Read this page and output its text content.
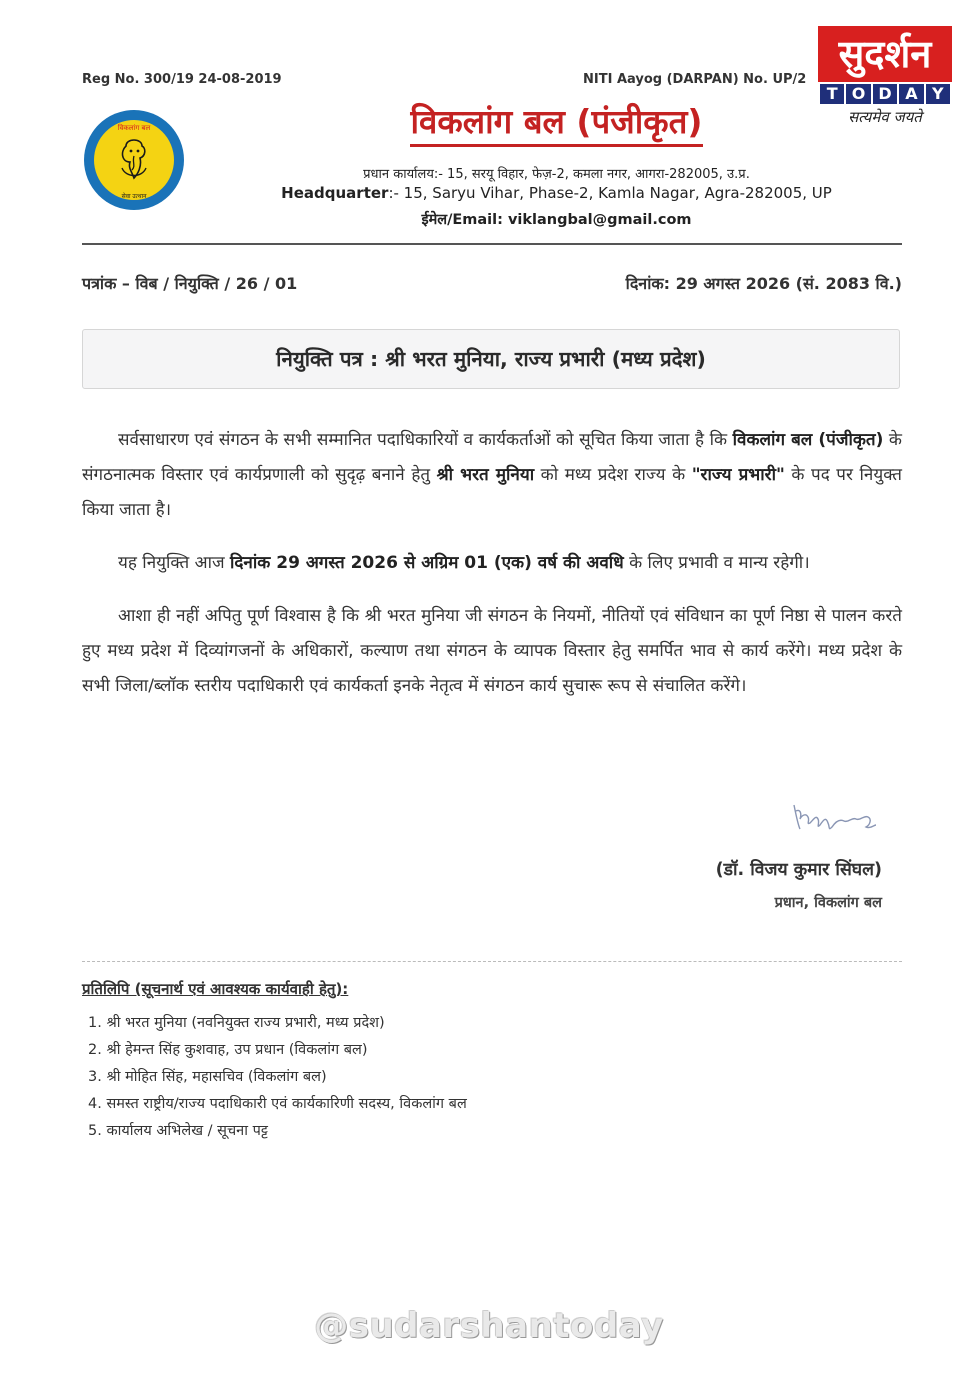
Reg No. 300/19 24-08-2019	NITI Aayog (DARPAN) No. UP/2
सुदर्शन
T O D A Y
सत्यमेव जयते
विकलांग बल
सेवा उत्थान
विकलांग बल (पंजीकृत)
प्रधान कार्यालय:- 15, सरयू विहार, फेज़-2, कमला नगर, आगरा-282005, उ.प्र.
Headquarter:- 15, Saryu Vihar, Phase-2, Kamla Nagar, Agra-282005, UP
ईमेल/Email: viklangbal@gmail.com
पत्रांक – विब / नियुक्ति / 26 / 01	दिनांक: 29 अगस्त 2026 (सं. 2083 वि.)
नियुक्ति पत्र : श्री भरत मुनिया, राज्य प्रभारी (मध्य प्रदेश)

सर्वसाधारण एवं संगठन के सभी सम्मानित पदाधिकारियों व कार्यकर्ताओं को सूचित किया जाता है कि विकलांग बल (पंजीकृत) के संगठनात्मक विस्तार एवं कार्यप्रणाली को सुदृढ़ बनाने हेतु श्री भरत मुनिया को मध्य प्रदेश राज्य के "राज्य प्रभारी" के पद पर नियुक्त किया जाता है।

यह नियुक्ति आज दिनांक 29 अगस्त 2026 से अग्रिम 01 (एक) वर्ष की अवधि के लिए प्रभावी व मान्य रहेगी।

आशा ही नहीं अपितु पूर्ण विश्वास है कि श्री भरत मुनिया जी संगठन के नियमों, नीतियों एवं संविधान का पूर्ण निष्ठा से पालन करते हुए मध्य प्रदेश में दिव्यांगजनों के अधिकारों, कल्याण तथा संगठन के व्यापक विस्तार हेतु समर्पित भाव से कार्य करेंगे। मध्य प्रदेश के सभी जिला/ब्लॉक स्तरीय पदाधिकारी एवं कार्यकर्ता इनके नेतृत्व में संगठन कार्य सुचारू रूप से संचालित करेंगे।

(डॉ. विजय कुमार सिंघल)
प्रधान, विकलांग बल
प्रतिलिपि (सूचनार्थ एवं आवश्यक कार्यवाही हेतु):
1. श्री भरत मुनिया (नवनियुक्त राज्य प्रभारी, मध्य प्रदेश)
2. श्री हेमन्त सिंह कुशवाह, उप प्रधान (विकलांग बल)
3. श्री मोहित सिंह, महासचिव (विकलांग बल)
4. समस्त राष्ट्रीय/राज्य पदाधिकारी एवं कार्यकारिणी सदस्य, विकलांग बल
5. कार्यालय अभिलेख / सूचना पट्ट
@sudarshantoday
